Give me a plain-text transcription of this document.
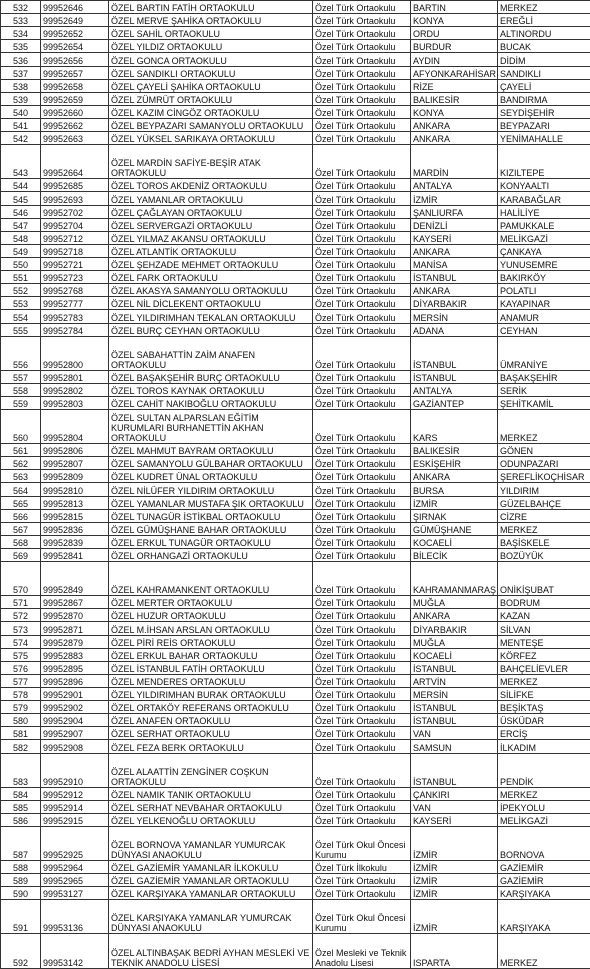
532	99952646	ÖZEL BARTIN FATİH ORTAOKULU	Özel Türk Ortaokulu	BARTIN	MERKEZ
533	99952649	ÖZEL MERVE ŞAHİKA ORTAOKULU	Özel Türk Ortaokulu	KONYA	EREĞLİ
534	99952652	ÖZEL SAHİL ORTAOKULU	Özel Türk Ortaokulu	ORDU	ALTINORDU
535	99952654	ÖZEL YILDIZ ORTAOKULU	Özel Türk Ortaokulu	BURDUR	BUCAK
536	99952656	ÖZEL GONCA ORTAOKULU	Özel Türk Ortaokulu	AYDIN	DİDİM
537	99952657	ÖZEL SANDIKLI ORTAOKULU	Özel Türk Ortaokulu	AFYONKARAHİSAR	SANDIKLI
538	99952658	ÖZEL ÇAYELİ ŞAHİKA ORTAOKULU	Özel Türk Ortaokulu	RİZE	ÇAYELİ
539	99952659	ÖZEL ZÜMRÜT ORTAOKULU	Özel Türk Ortaokulu	BALIKESİR	BANDIRMA
540	99952660	ÖZEL KAZIM CİNGÖZ ORTAOKULU	Özel Türk Ortaokulu	KONYA	SEYDİŞEHİR
541	99952662	ÖZEL BEYPAZARI SAMANYOLU ORTAOKULU	Özel Türk Ortaokulu	ANKARA	BEYPAZARI
542	99952663	ÖZEL YÜKSEL SARIKAYA ORTAOKULU	Özel Türk Ortaokulu	ANKARA	YENİMAHALLE
543	99952664	ÖZEL MARDİN SAFİYE-BEŞİR ATAK ORTAOKULU	Özel Türk Ortaokulu	MARDİN	KIZILTEPE
544	99952685	ÖZEL TOROS AKDENİZ ORTAOKULU	Özel Türk Ortaokulu	ANTALYA	KONYAALTI
545	99952693	ÖZEL YAMANLAR ORTAOKULU	Özel Türk Ortaokulu	İZMİR	KARABAĞLAR
546	99952702	ÖZEL ÇAĞLAYAN ORTAOKULU	Özel Türk Ortaokulu	ŞANLIURFA	HALİLİYE
547	99952704	ÖZEL SERVERGAZİ ORTAOKULU	Özel Türk Ortaokulu	DENİZLİ	PAMUKKALE
548	99952712	ÖZEL YILMAZ AKANSU ORTAOKULU	Özel Türk Ortaokulu	KAYSERİ	MELİKGAZİ
549	99952718	ÖZEL ATLANTİK ORTAOKULU	Özel Türk Ortaokulu	ANKARA	ÇANKAYA
550	99952721	ÖZEL ŞEHZADE MEHMET ORTAOKULU	Özel Türk Ortaokulu	MANİSA	YUNUSEMRE
551	99952723	ÖZEL FARK ORTAOKULU	Özel Türk Ortaokulu	İSTANBUL	BAKIRKÖY
552	99952768	ÖZEL AKASYA SAMANYOLU ORTAOKULU	Özel Türk Ortaokulu	ANKARA	POLATLI
553	99952777	ÖZEL NİL DİCLEKENT ORTAOKULU	Özel Türk Ortaokulu	DİYARBAKIR	KAYAPINAR
554	99952783	ÖZEL YILDIRIMHAN TEKALAN ORTAOKULU	Özel Türk Ortaokulu	MERSİN	ANAMUR
555	99952784	ÖZEL BURÇ CEYHAN ORTAOKULU	Özel Türk Ortaokulu	ADANA	CEYHAN
556	99952800	ÖZEL SABAHATTİN ZAİM ANAFEN ORTAOKULU	Özel Türk Ortaokulu	İSTANBUL	ÜMRANİYE
557	99952801	ÖZEL BAŞAKŞEHİR BURÇ ORTAOKULU	Özel Türk Ortaokulu	İSTANBUL	BAŞAKŞEHİR
558	99952802	ÖZEL TOROS KAYNAK ORTAOKULU	Özel Türk Ortaokulu	ANTALYA	SERİK
559	99952803	ÖZEL CAHİT NAKIBOĞLU ORTAOKULU	Özel Türk Ortaokulu	GAZİANTEP	ŞEHİTKAMİL
560	99952804	ÖZEL SULTAN ALPARSLAN EĞİTİM KURUMLARI BURHANETTİN AKHAN ORTAOKULU	Özel Türk Ortaokulu	KARS	MERKEZ
561	99952806	ÖZEL MAHMUT BAYRAM ORTAOKULU	Özel Türk Ortaokulu	BALIKESİR	GÖNEN
562	99952807	ÖZEL SAMANYOLU GÜLBAHAR ORTAOKULU	Özel Türk Ortaokulu	ESKİŞEHİR	ODUNPAZARI
563	99952809	ÖZEL KUDRET ÜNAL ORTAOKULU	Özel Türk Ortaokulu	ANKARA	ŞEREFLİKOÇHİSAR
564	99952810	ÖZEL NİLÜFER YILDIRIM ORTAOKULU	Özel Türk Ortaokulu	BURSA	YILDIRIM
565	99952813	ÖZEL YAMANLAR MUSTAFA ŞIK ORTAOKULU	Özel Türk Ortaokulu	İZMİR	GÜZELBAHÇE
566	99952815	ÖZEL TUNAGÜR İSTİKBAL ORTAOKULU	Özel Türk Ortaokulu	ŞIRNAK	CİZRE
567	99952836	ÖZEL GÜMÜŞHANE BAHAR ORTAOKULU	Özel Türk Ortaokulu	GÜMÜŞHANE	MERKEZ
568	99952839	ÖZEL ERKUL TUNAGÜR ORTAOKULU	Özel Türk Ortaokulu	KOCAELİ	BAŞİSKELE
569	99952841	ÖZEL ORHANGAZİ ORTAOKULU	Özel Türk Ortaokulu	BİLECİK	BOZÜYÜK
570	99952849	ÖZEL KAHRAMANKENT ORTAOKULU	Özel Türk Ortaokulu	KAHRAMANMARAŞ	ONİKİŞUBAT
571	99952867	ÖZEL MERTER ORTAOKULU	Özel Türk Ortaokulu	MUĞLA	BODRUM
572	99952870	ÖZEL HUZUR ORTAOKULU	Özel Türk Ortaokulu	ANKARA	KAZAN
573	99952871	ÖZEL M.İHSAN ARSLAN ORTAOKULU	Özel Türk Ortaokulu	DİYARBAKIR	SİLVAN
574	99952879	ÖZEL PİRİ REİS ORTAOKULU	Özel Türk Ortaokulu	MUĞLA	MENTEŞE
575	99952883	ÖZEL ERKUL BAHAR ORTAOKULU	Özel Türk Ortaokulu	KOCAELİ	KÖRFEZ
576	99952895	ÖZEL İSTANBUL FATİH ORTAOKULU	Özel Türk Ortaokulu	İSTANBUL	BAHÇELİEVLER
577	99952896	ÖZEL MENDERES ORTAOKULU	Özel Türk Ortaokulu	ARTVİN	MERKEZ
578	99952901	ÖZEL YILDIRIMHAN BURAK ORTAOKULU	Özel Türk Ortaokulu	MERSİN	SİLİFKE
579	99952902	ÖZEL ORTAKÖY REFERANS ORTAOKULU	Özel Türk Ortaokulu	İSTANBUL	BEŞİKTAŞ
580	99952904	ÖZEL ANAFEN ORTAOKULU	Özel Türk Ortaokulu	İSTANBUL	ÜSKÜDAR
581	99952907	ÖZEL SERHAT ORTAOKULU	Özel Türk Ortaokulu	VAN	ERCİŞ
582	99952908	ÖZEL FEZA BERK ORTAOKULU	Özel Türk Ortaokulu	SAMSUN	İLKADIM
583	99952910	ÖZEL ALAATTİN ZENGİNER COŞKUN ORTAOKULU	Özel Türk Ortaokulu	İSTANBUL	PENDİK
584	99952912	ÖZEL NAMIK TANIK ORTAOKULU	Özel Türk Ortaokulu	ÇANKIRI	MERKEZ
585	99952914	ÖZEL SERHAT NEVBAHAR ORTAOKULU	Özel Türk Ortaokulu	VAN	İPEKYOLU
586	99952915	ÖZEL YELKENOĞLU ORTAOKULU	Özel Türk Ortaokulu	KAYSERİ	MELİKGAZİ
587	99952925	ÖZEL BORNOVA YAMANLAR YUMURCAK DÜNYASI ANAOKULU	Özel Türk Okul Öncesi Kurumu	İZMİR	BORNOVA
588	99952964	ÖZEL GAZİEMİR YAMANLAR İLKOKULU	Özel Türk İlkokulu	İZMİR	GAZİEMİR
589	99952965	ÖZEL GAZİEMİR YAMANLAR ORTAOKULU	Özel Türk Ortaokulu	İZMİR	GAZİEMİR
590	99953127	ÖZEL KARŞIYAKA YAMANLAR ORTAOKULU	Özel Türk Ortaokulu	İZMİR	KARŞIYAKA
591	99953136	ÖZEL KARŞIYAKA YAMANLAR YUMURCAK DÜNYASI ANAOKULU	Özel Türk Okul Öncesi Kurumu	İZMİR	KARŞIYAKA
592	99953142	ÖZEL ALTINBAŞAK BEDRİ AYHAN MESLEKİ VE TEKNİK ANADOLU LİSESİ	Özel Mesleki ve Teknik Anadolu Lisesi	ISPARTA	MERKEZ
